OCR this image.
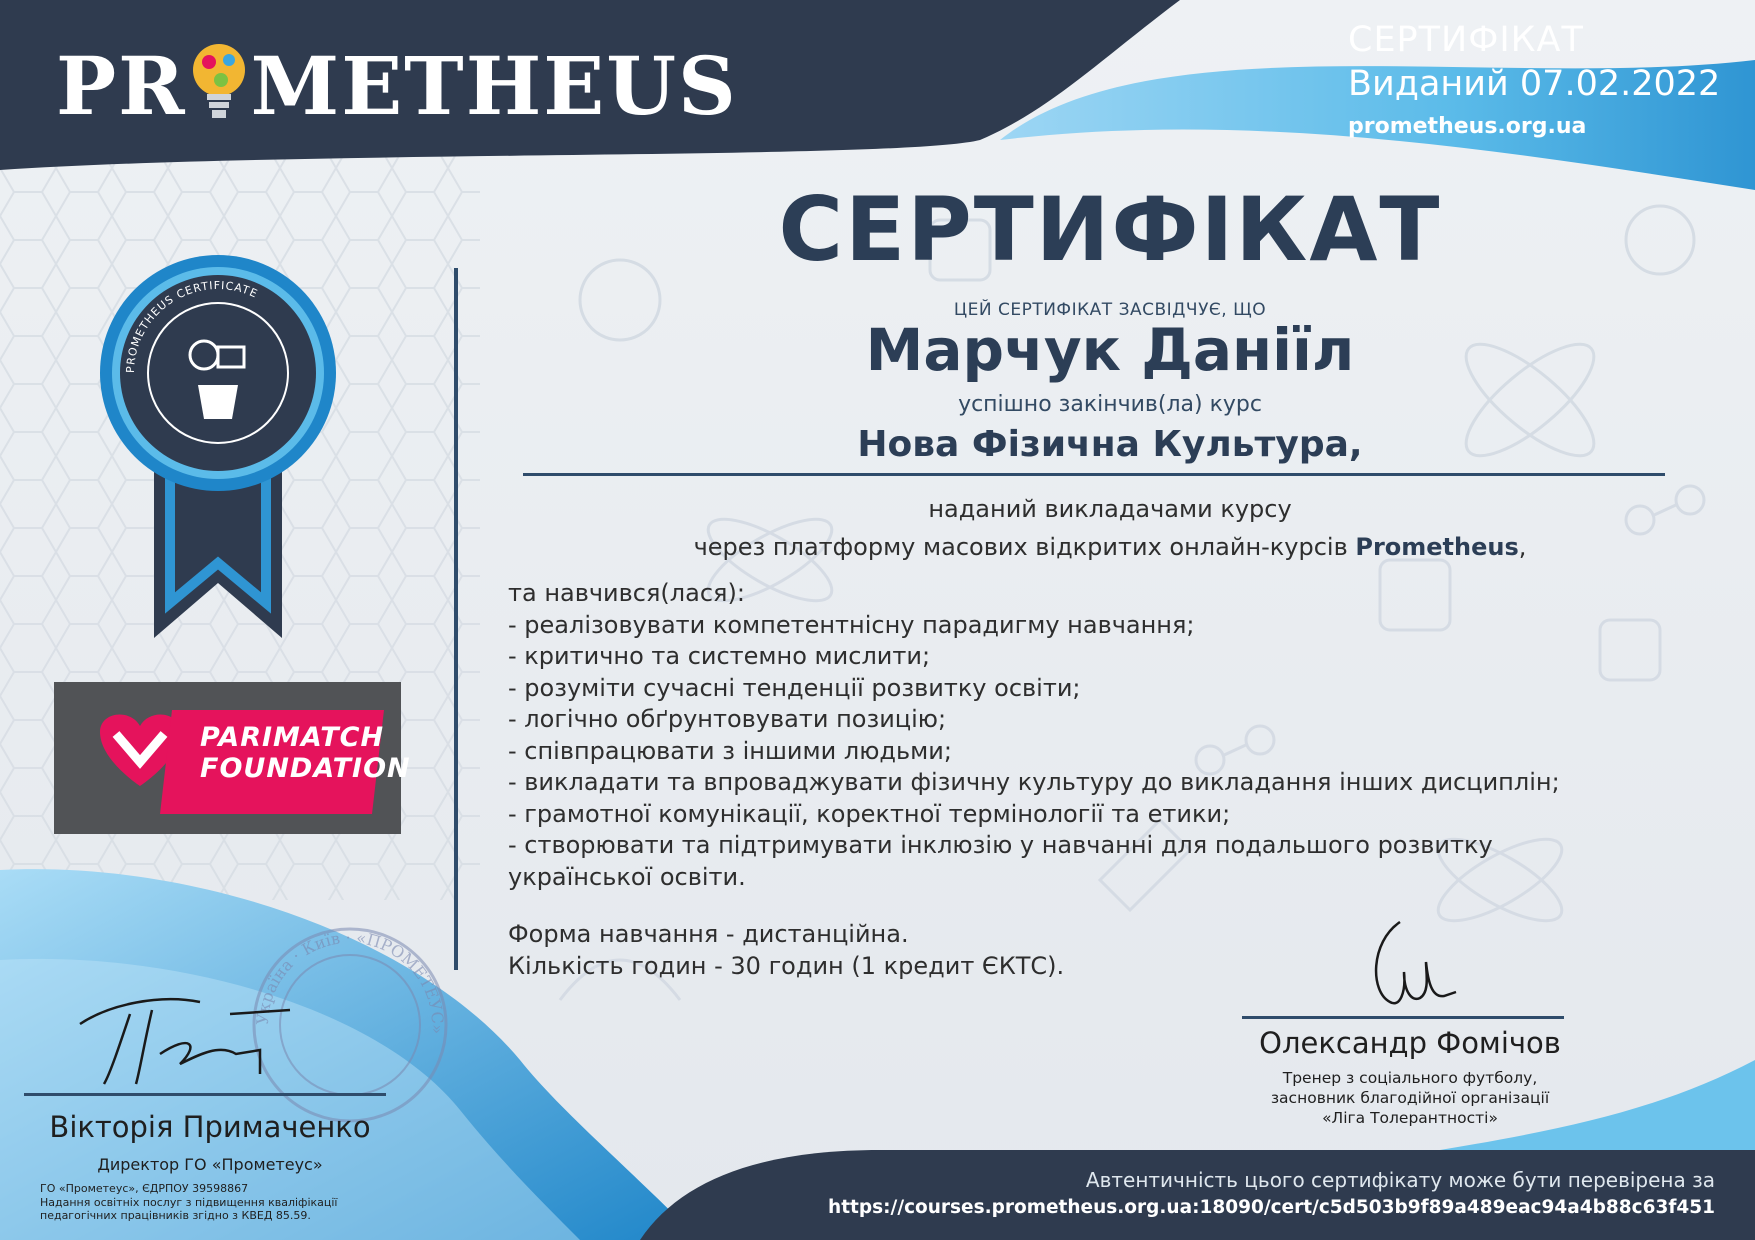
PR METHEUS	СЕРТИФІКАТ
Виданий 07.02.2022
prometheus.org.ua
PROMETHEUS CERTIFICATE
PARIMATCH
FOUNDATION
СЕРТИФІКАТ
ЦЕЙ СЕРТИФІКАТ ЗАСВІДЧУЄ, ЩО
Марчук Даніїл
успішно закінчив(ла) курс
Нова Фізична Культура,
наданий викладачами курсу
через платформу масових відкритих онлайн-курсів Prometheus,
та навчився(лася):
- реалізовувати компетентнісну парадигму навчання;
- критично та системно мислити;
- розуміти сучасні тенденції розвитку освіти;
- логічно обґрунтовувати позицію;
- співпрацювати з іншими людьми;
- викладати та впроваджувати фізичну культуру до викладання інших дисциплін;
- грамотної комунікації, коректної термінології та етики;
- створювати та підтримувати інклюзію у навчанні для подальшого розвитку
української освіти.
Форма навчання - дистанційна.
Кількість годин - 30 годин (1 кредит ЄКТС).
Олександр Фомічов
Тренер з соціального футболу,
засновник благодійної організації
«Ліга Толерантності»
Україна · Київ · «ПРОМЕТЕУС»
Вікторія Примаченко
Директор ГО «Прометеус»
ГО «Прометеус», ЄДРПОУ 39598867
Надання освітніх послуг з підвищення кваліфікації
педагогічних працівників згідно з КВЕД 85.59.
Автентичність цього сертифікату може бути перевірена за
https://courses.prometheus.org.ua:18090/cert/c5d503b9f89a489eac94a4b88c63f451
